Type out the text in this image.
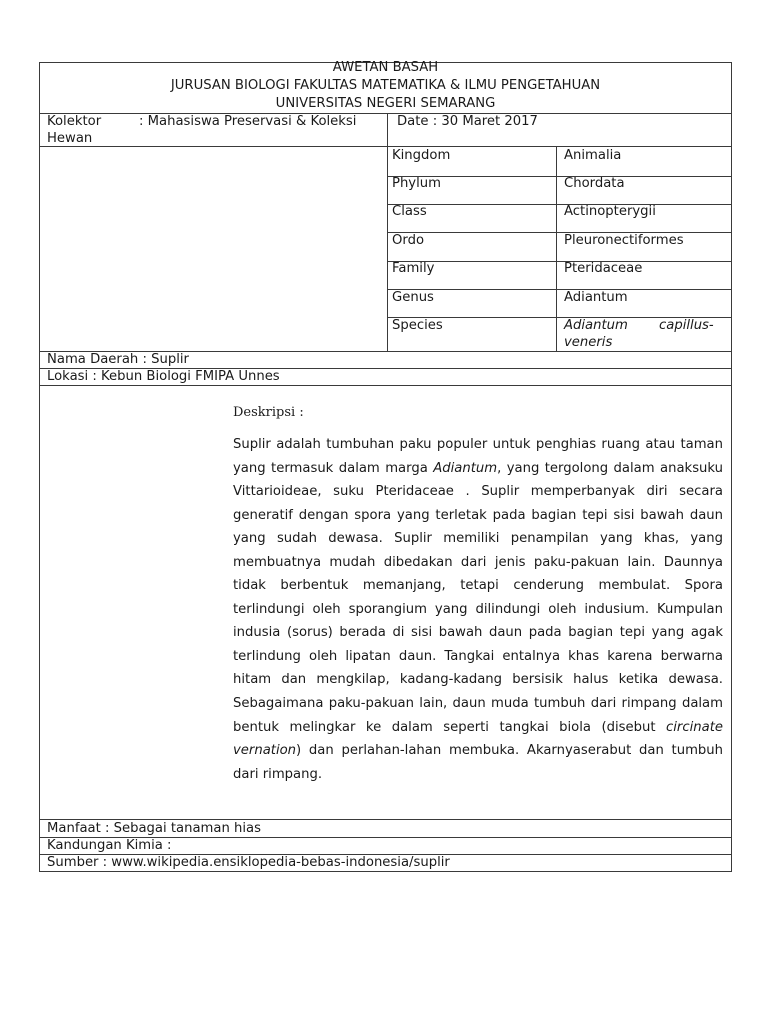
AWETAN BASAH
JURUSAN BIOLOGI FAKULTAS MATEMATIKA & ILMU PENGETAHUAN
UNIVERSITAS NEGERI SEMARANG
Kolektor	: Mahasiswa Preservasi & Koleksi
Hewan
Date : 30 Maret 2017
Kingdom	Animalia
Phylum	Chordata
Class	Actinopterygii
Ordo	Pleuronectiformes
Family	Pteridaceae
Genus	Adiantum
Species	Adiantum capillus-
veneris
Nama Daerah : Suplir
Lokasi : Kebun Biologi FMIPA Unnes
Deskripsi :

Suplir adalah tumbuhan paku populer untuk penghias ruang atau taman yang termasuk dalam marga Adiantum, yang tergolong dalam anaksuku Vittarioideae, suku Pteridaceae . Suplir memperbanyak diri secara generatif dengan spora yang terletak pada bagian tepi sisi bawah daun yang sudah dewasa. Suplir memiliki penampilan yang khas, yang membuatnya mudah dibedakan dari jenis paku-pakuan lain. Daunnya tidak berbentuk memanjang, tetapi cenderung membulat. Spora terlindungi oleh sporangium yang dilindungi oleh indusium. Kumpulan indusia (sorus) berada di sisi bawah daun pada bagian tepi yang agak terlindung oleh lipatan daun. Tangkai entalnya khas karena berwarna hitam dan mengkilap, kadang-kadang bersisik halus ketika dewasa. Sebagaimana paku-pakuan lain, daun muda tumbuh dari rimpang dalam bentuk melingkar ke dalam seperti tangkai biola (disebut circinate vernation) dan perlahan-lahan membuka. Akarnyaserabut dan tumbuh dari rimpang.

Manfaat : Sebagai tanaman hias
Kandungan Kimia :
Sumber : www.wikipedia.ensiklopedia-bebas-indonesia/suplir
